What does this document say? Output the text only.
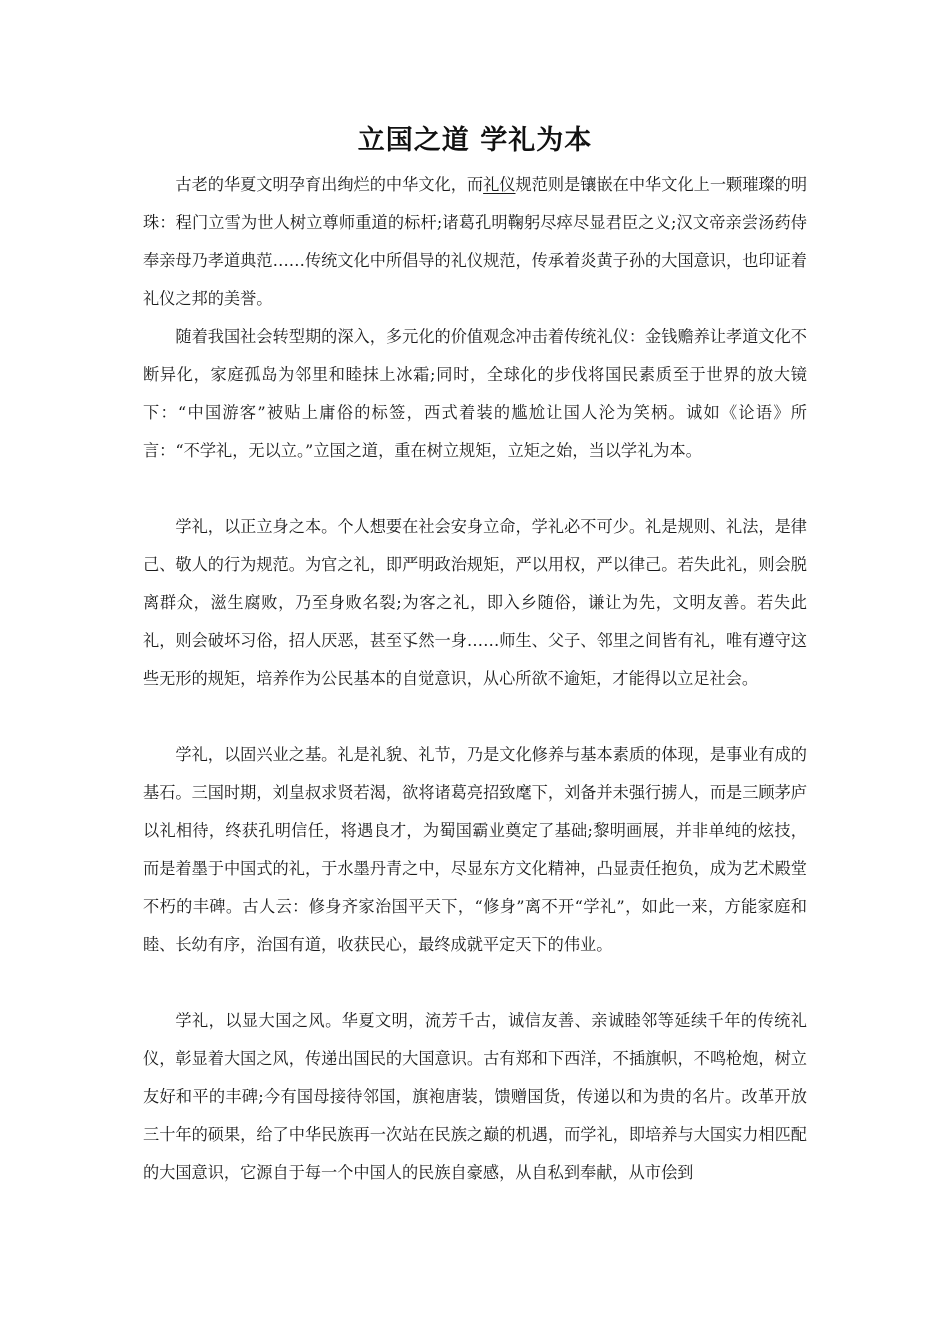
立国之道 学礼为本

古老的华夏文明孕育出绚烂的中华文化，而礼仪规范则是镶嵌在中华文化上一颗璀璨的明珠：程门立雪为世人树立尊师重道的标杆;诸葛孔明鞠躬尽瘁尽显君臣之义;汉文帝亲尝汤药侍奉亲母乃孝道典范……传统文化中所倡导的礼仪规范，传承着炎黄子孙的大国意识，也印证着礼仪之邦的美誉。

随着我国社会转型期的深入，多元化的价值观念冲击着传统礼仪：金钱赡养让孝道文化不断异化，家庭孤岛为邻里和睦抹上冰霜;同时，全球化的步伐将国民素质至于世界的放大镜下：“中国游客”被贴上庸俗的标签，西式着装的尴尬让国人沦为笑柄。诚如《论语》所言：“不学礼，无以立。”立国之道，重在树立规矩，立矩之始，当以学礼为本。

学礼，以正立身之本。个人想要在社会安身立命，学礼必不可少。礼是规则、礼法，是律己、敬人的行为规范。为官之礼，即严明政治规矩，严以用权，严以律己。若失此礼，则会脱离群众，滋生腐败，乃至身败名裂;为客之礼，即入乡随俗，谦让为先，文明友善。若失此礼，则会破坏习俗，招人厌恶，甚至孓然一身……师生、父子、邻里之间皆有礼，唯有遵守这些无形的规矩，培养作为公民基本的自觉意识，从心所欲不逾矩，才能得以立足社会。

学礼，以固兴业之基。礼是礼貌、礼节，乃是文化修养与基本素质的体现，是事业有成的基石。三国时期，刘皇叔求贤若渴，欲将诸葛亮招致麾下，刘备并未强行掳人，而是三顾茅庐以礼相待，终获孔明信任，将遇良才，为蜀国霸业奠定了基础;黎明画展，并非单纯的炫技，而是着墨于中国式的礼，于水墨丹青之中，尽显东方文化精神，凸显责任抱负，成为艺术殿堂不朽的丰碑。古人云：修身齐家治国平天下，“修身”离不开“学礼”，如此一来，方能家庭和睦、长幼有序，治国有道，收获民心，最终成就平定天下的伟业。

学礼，以显大国之风。华夏文明，流芳千古，诚信友善、亲诚睦邻等延续千年的传统礼仪，彰显着大国之风，传递出国民的大国意识。古有郑和下西洋，不插旗帜，不鸣枪炮，树立友好和平的丰碑;今有国母接待邻国，旗袍唐装，馈赠国货，传递以和为贵的名片。改革开放三十年的硕果，给了中华民族再一次站在民族之巅的机遇，而学礼，即培养与大国实力相匹配的大国意识，它源自于每一个中国人的民族自豪感，从自私到奉献，从市侩到
